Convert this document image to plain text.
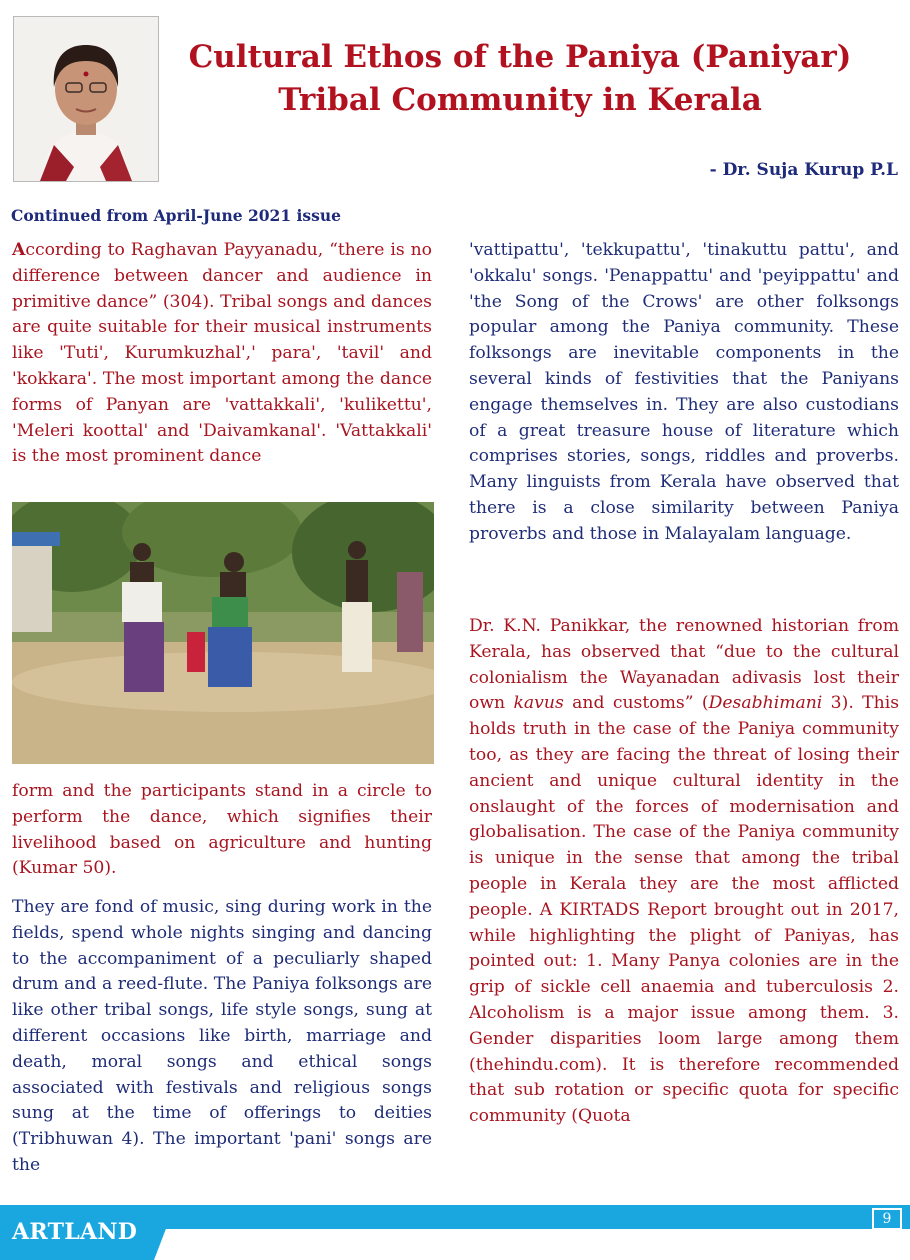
Cultural Ethos of the Paniya (Paniyar)
Tribal Community in Kerala
- Dr. Suja Kurup P.L
Continued from April-June 2021 issue

According to Raghavan Payyanadu, “there is no difference between dancer and audience in primitive dance” (304). Tribal songs and dances are quite suitable for their musical instruments like 'Tuti', Kurumkuzhal',' para', 'tavil' and 'kokkara'. The most important among the dance forms of Panyan are 'vattakkali', 'kulikettu', 'Meleri koottal' and 'Daivamkanal'. 'Vattakkali' is the most prominent dance

form and the participants stand in a circle to perform the dance, which signifies their livelihood based on agriculture and hunting (Kumar 50).

They are fond of music, sing during work in the fields, spend whole nights singing and dancing to the accompaniment of a peculiarly shaped drum and a reed-flute. The Paniya folksongs are like other tribal songs, life style songs, sung at different occasions like birth, marriage and death, moral songs and ethical songs associated with festivals and religious songs sung at the time of offerings to deities (Tribhuwan 4). The important 'pani' songs are the

'vattipattu', 'tekkupattu', 'tinakuttu pattu', and 'okkalu' songs. 'Penappattu' and 'peyippattu' and 'the Song of the Crows' are other folksongs popular among the Paniya community. These folksongs are inevitable components in the several kinds of festivities that the Paniyans engage themselves in. They are also custodians of a great treasure house of literature which comprises stories, songs, riddles and proverbs. Many linguists from Kerala have observed that there is a close similarity between Paniya proverbs and those in Malayalam language.

Dr. K.N. Panikkar, the renowned historian from Kerala, has observed that “due to the cultural colonialism the Wayanadan adivasis lost their own kavus and customs” (Desabhimani 3). This holds truth in the case of the Paniya community too, as they are facing the threat of losing their ancient and unique cultural identity in the onslaught of the forces of modernisation and globalisation. The case of the Paniya community is unique in the sense that among the tribal people in Kerala they are the most afflicted people. A KIRTADS Report brought out in 2017, while highlighting the plight of Paniyas, has pointed out: 1. Many Panya colonies are in the grip of sickle cell anaemia and tuberculosis 2. Alcoholism is a major issue among them. 3. Gender disparities loom large among them (thehindu.com). It is therefore recommended that sub rotation or specific quota for specific community (Quota

ARTLAND	9
